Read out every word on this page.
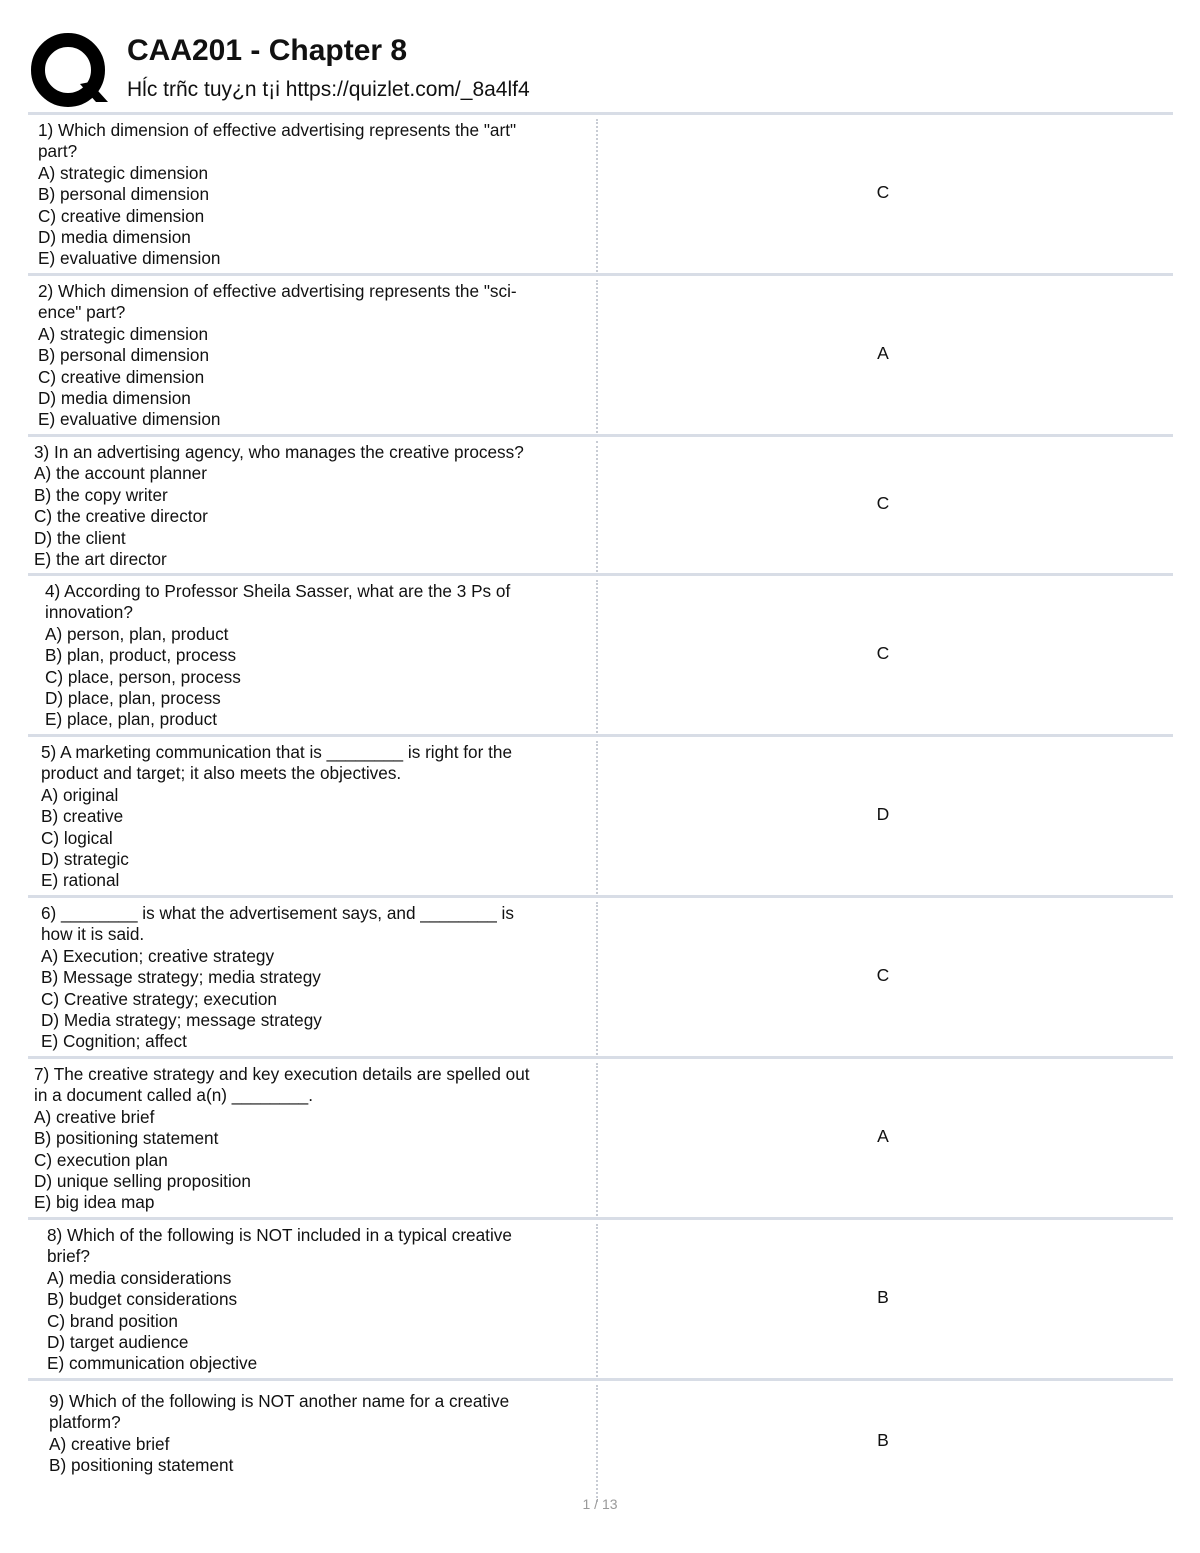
CAA201 - Chapter 8
Hĺc trñc tuy¿n t¡i https://quizlet.com/_8a4lf4
1) Which dimension of effective advertising represents the "art"
part?
A) strategic dimension
B) personal dimension
C) creative dimension
D) media dimension
E) evaluative dimension
C
2) Which dimension of effective advertising represents the "sci-
ence" part?
A) strategic dimension
B) personal dimension
C) creative dimension
D) media dimension
E) evaluative dimension
A
3) In an advertising agency, who manages the creative process?
A) the account planner
B) the copy writer
C) the creative director
D) the client
E) the art director
C
4) According to Professor Sheila Sasser, what are the 3 Ps of
innovation?
A) person, plan, product
B) plan, product, process
C) place, person, process
D) place, plan, process
E) place, plan, product
C
5) A marketing communication that is ________ is right for the
product and target; it also meets the objectives.
A) original
B) creative
C) logical
D) strategic
E) rational
D
6) ________ is what the advertisement says, and ________ is
how it is said.
A) Execution; creative strategy
B) Message strategy; media strategy
C) Creative strategy; execution
D) Media strategy; message strategy
E) Cognition; affect
C
7) The creative strategy and key execution details are spelled out
in a document called a(n) ________.
A) creative brief
B) positioning statement
C) execution plan
D) unique selling proposition
E) big idea map
A
8) Which of the following is NOT included in a typical creative
brief?
A) media considerations
B) budget considerations
C) brand position
D) target audience
E) communication objective
B
9) Which of the following is NOT another name for a creative
platform?
A) creative brief
B) positioning statement
B
1 / 13
